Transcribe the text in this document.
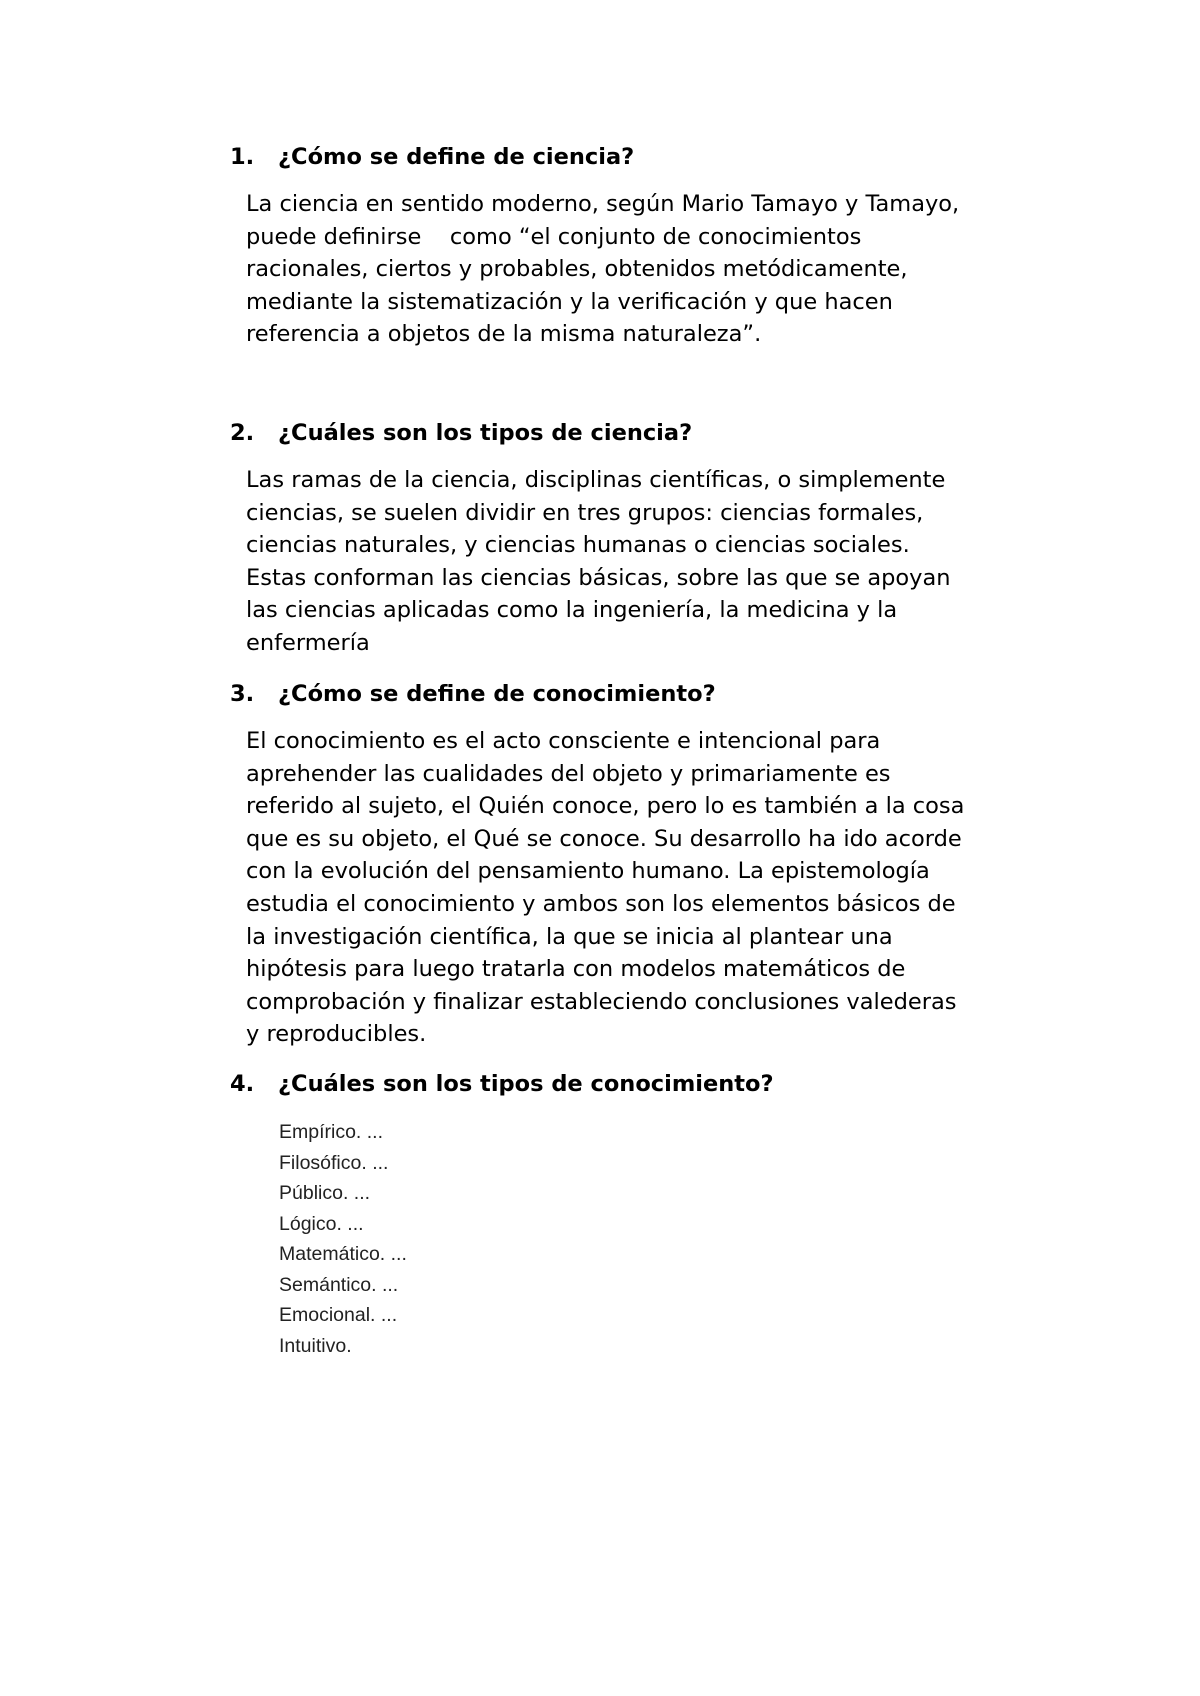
1. ¿Cómo se define de ciencia?

La ciencia en sentido moderno, según Mario Tamayo y Tamayo,
puede definirse    como “el conjunto de conocimientos
racionales, ciertos y probables, obtenidos metódicamente,
mediante la sistematización y la verificación y que hacen
referencia a objetos de la misma naturaleza”.

2. ¿Cuáles son los tipos de ciencia?

Las ramas de la ciencia, disciplinas científicas, o simplemente
ciencias, se suelen dividir en tres grupos: ciencias formales,
ciencias naturales, y ciencias humanas o ciencias sociales.
Estas conforman las ciencias básicas, sobre las que se apoyan
las ciencias aplicadas como la ingeniería, la medicina y la
enfermería

3. ¿Cómo se define de conocimiento?

El conocimiento es el acto consciente e intencional para
aprehender las cualidades del objeto y primariamente es
referido al sujeto, el Quién conoce, pero lo es también a la cosa
que es su objeto, el Qué se conoce. Su desarrollo ha ido acorde
con la evolución del pensamiento humano. La epistemología
estudia el conocimiento y ambos son los elementos básicos de
la investigación científica, la que se inicia al plantear una
hipótesis para luego tratarla con modelos matemáticos de
comprobación y finalizar estableciendo conclusiones valederas
y reproducibles.

4. ¿Cuáles son los tipos de conocimiento?
Empírico. ...
Filosófico. ...
Público. ...
Lógico. ...
Matemático. ...
Semántico. ...
Emocional. ...
Intuitivo.
